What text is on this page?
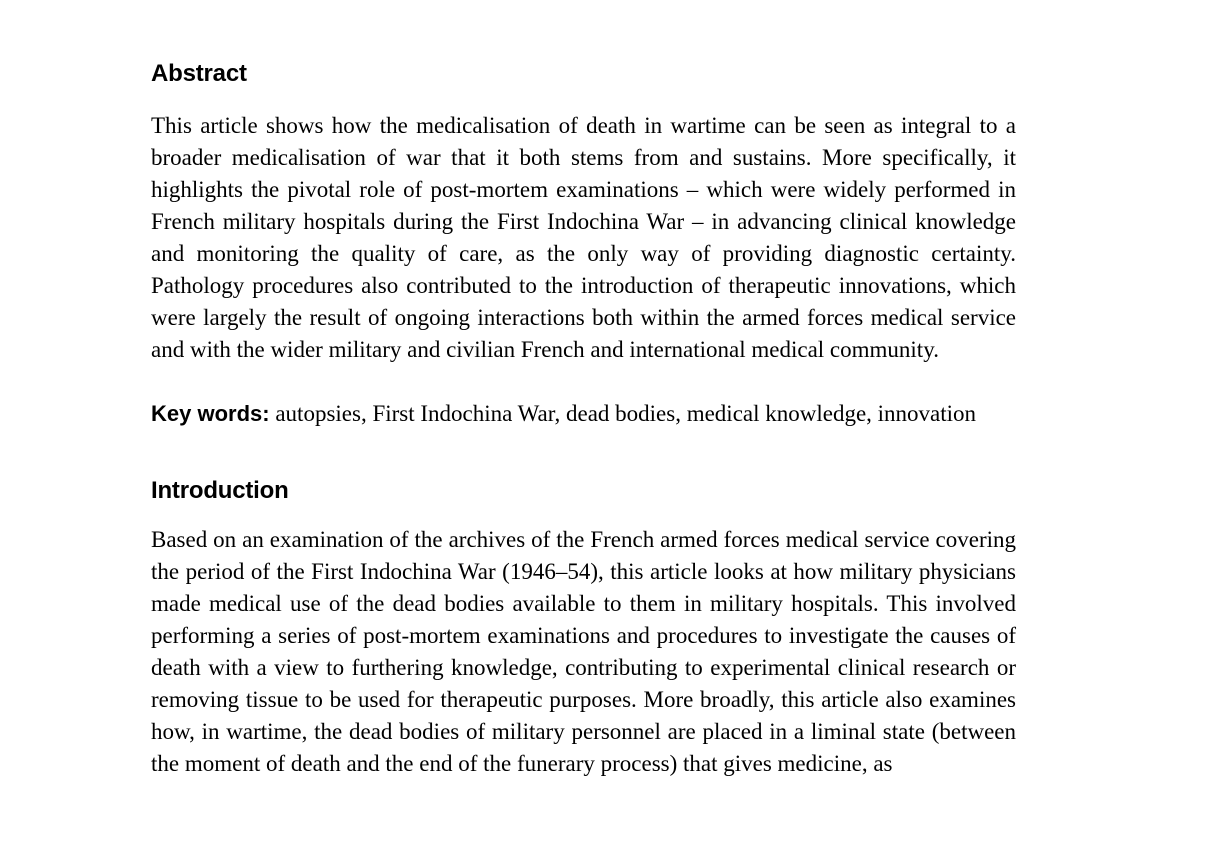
Abstract

This article shows how the medicalisation of death in wartime can be seen as integral to a broader medicalisation of war that it both stems from and sustains. More specifically, it highlights the pivotal role of post-mortem examinations – which were widely performed in French military hospitals during the First Indochina War – in advancing clinical knowledge and monitoring the quality of care, as the only way of providing diagnostic certainty. Pathology procedures also contributed to the introduction of therapeutic innovations, which were largely the result of ongoing interactions both within the armed forces medical service and with the wider military and civilian French and international medical community.

Key words: autopsies, First Indochina War, dead bodies, medical knowledge, innovation

Introduction

Based on an examination of the archives of the French armed forces medical service covering the period of the First Indochina War (1946–54), this article looks at how military physicians made medical use of the dead bodies available to them in military hospitals. This involved performing a series of post-mortem examinations and procedures to investigate the causes of death with a view to furthering knowledge, contributing to experimental clinical research or removing tissue to be used for therapeutic purposes. More broadly, this article also examines how, in wartime, the dead bodies of military personnel are placed in a liminal state (between the moment of death and the end of the funerary process) that gives medicine, as
